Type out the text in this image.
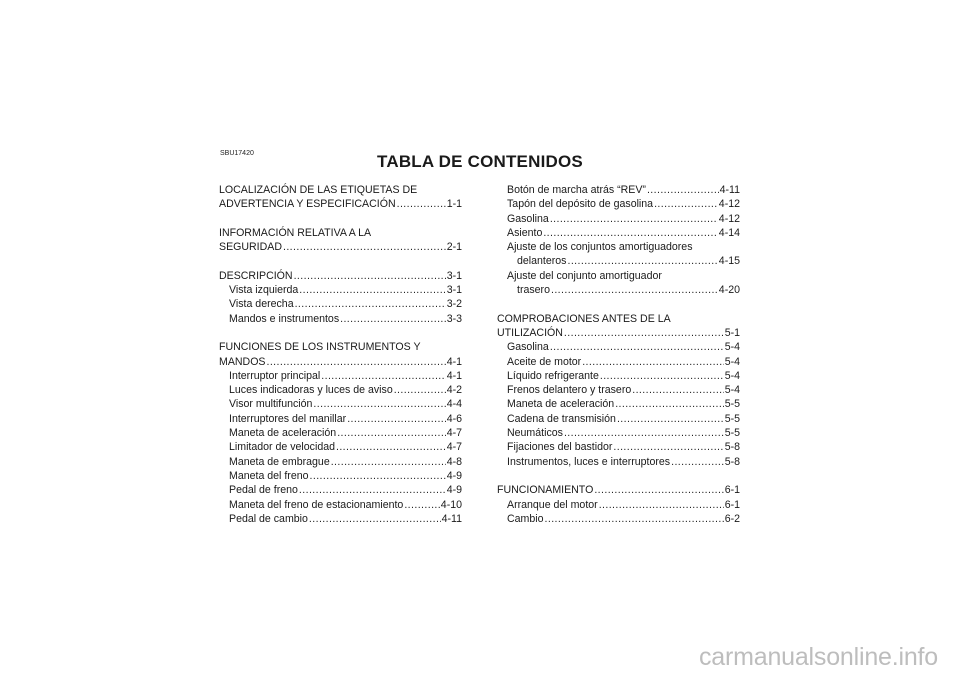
SBU17420	TABLA DE CONTENIDOS
LOCALIZACIÓN DE LAS ETIQUETAS DE
ADVERTENCIA Y ESPECIFICACIÓN .....	1-1
INFORMACIÓN RELATIVA A LA
SEGURIDAD .....	2-1
DESCRIPCIÓN .....	3-1
Vista izquierda .....	3-1
Vista derecha .....	3-2
Mandos e instrumentos .....	3-3
FUNCIONES DE LOS INSTRUMENTOS Y
MANDOS .....	4-1
Interruptor principal .....	4-1
Luces indicadoras y luces de aviso .....	4-2
Visor multifunción .....	4-4
Interruptores del manillar .....	4-6
Maneta de aceleración .....	4-7
Limitador de velocidad .....	4-7
Maneta de embrague .....	4-8
Maneta del freno .....	4-9
Pedal de freno .....	4-9
Maneta del freno de estacionamiento .....	4-10
Pedal de cambio .....	4-11
Botón de marcha atrás “REV” .....	4-11
Tapón del depósito de gasolina .....	4-12
Gasolina .....	4-12
Asiento .....	4-14
Ajuste de los conjuntos amortiguadores
delanteros .....	4-15
Ajuste del conjunto amortiguador
trasero .....	4-20
COMPROBACIONES ANTES DE LA
UTILIZACIÓN .....	5-1
Gasolina .....	5-4
Aceite de motor .....	5-4
Líquido refrigerante .....	5-4
Frenos delantero y trasero .....	5-4
Maneta de aceleración .....	5-5
Cadena de transmisión .....	5-5
Neumáticos .....	5-5
Fijaciones del bastidor .....	5-8
Instrumentos, luces e interruptores .....	5-8
FUNCIONAMIENTO .....	6-1
Arranque del motor .....	6-1
Cambio .....	6-2
carmanualsonline.info
